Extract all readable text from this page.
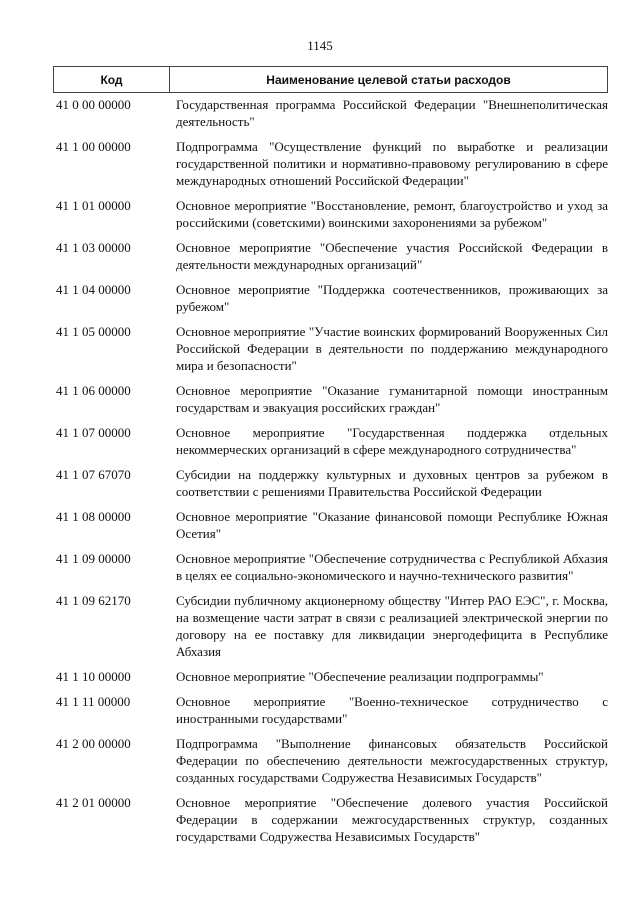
1145
Код	Наименование целевой статьи расходов
41 0 00 00000	Государственная программа Российской Федерации "Внешнеполитическая деятельность"
41 1 00 00000	Подпрограмма "Осуществление функций по выработке и реализации государственной политики и нормативно-правовому регулированию в сфере международных отношений Российской Федерации"
41 1 01 00000	Основное мероприятие "Восстановление, ремонт, благоустройство и уход за российскими (советскими) воинскими захоронениями за рубежом"
41 1 03 00000	Основное мероприятие "Обеспечение участия Российской Федерации в деятельности международных организаций"
41 1 04 00000	Основное мероприятие "Поддержка соотечественников, проживающих за рубежом"
41 1 05 00000	Основное мероприятие "Участие воинских формирований Вооруженных Сил Российской Федерации в деятельности по поддержанию международного мира и безопасности"
41 1 06 00000	Основное мероприятие "Оказание гуманитарной помощи иностранным государствам и эвакуация российских граждан"
41 1 07 00000	Основное мероприятие "Государственная поддержка отдельных некоммерческих организаций в сфере международного сотрудничества"
41 1 07 67070	Субсидии на поддержку культурных и духовных центров за рубежом в соответствии с решениями Правительства Российской Федерации
41 1 08 00000	Основное мероприятие "Оказание финансовой помощи Республике Южная Осетия"
41 1 09 00000	Основное мероприятие "Обеспечение сотрудничества с Республикой Абхазия в целях ее социально-экономического и научно-технического развития"
41 1 09 62170	Субсидии публичному акционерному обществу "Интер РАО ЕЭС", г. Москва, на возмещение части затрат в связи с реализацией электрической энергии по договору на ее поставку для ликвидации энергодефицита в Республике Абхазия
41 1 10 00000	Основное мероприятие "Обеспечение реализации подпрограммы"
41 1 11 00000	Основное мероприятие "Военно-техническое сотрудничество с иностранными государствами"
41 2 00 00000	Подпрограмма "Выполнение финансовых обязательств Российской Федерации по обеспечению деятельности межгосударственных структур, созданных государствами Содружества Независимых Государств"
41 2 01 00000	Основное мероприятие "Обеспечение долевого участия Российской Федерации в содержании межгосударственных структур, созданных государствами Содружества Независимых Государств"
